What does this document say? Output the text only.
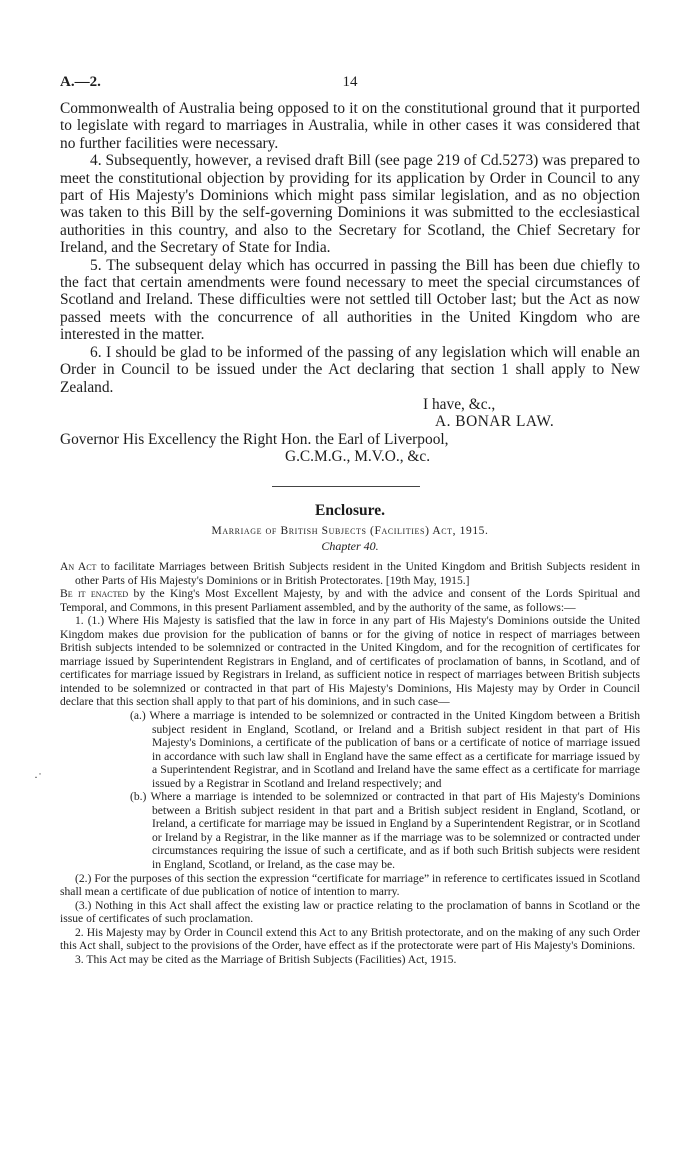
A.—2.	14

Commonwealth of Australia being opposed to it on the constitutional ground that it purported to legislate with regard to marriages in Australia, while in other cases it was considered that no further facilities were necessary.

4. Subsequently, however, a revised draft Bill (see page 219 of Cd.5273) was prepared to meet the constitutional objection by providing for its application by Order in Council to any part of His Majesty's Dominions which might pass similar legislation, and as no objection was taken to this Bill by the self-governing Dominions it was submitted to the ecclesiastical authorities in this country, and also to the Secretary for Scotland, the Chief Secretary for Ireland, and the Secretary of State for India.

5. The subsequent delay which has occurred in passing the Bill has been due chiefly to the fact that certain amendments were found necessary to meet the special circumstances of Scotland and Ireland. These difficulties were not settled till October last; but the Act as now passed meets with the concurrence of all authorities in the United Kingdom who are interested in the matter.

6. I should be glad to be informed of the passing of any legislation which will enable an Order in Council to be issued under the Act declaring that section 1 shall apply to New Zealand.

I have, &c.,

A. BONAR LAW.

Governor His Excellency the Right Hon. the Earl of Liverpool,

G.C.M.G., M.V.O., &c.

Enclosure.

Marriage of British Subjects (Facilities) Act, 1915.

Chapter 40.

·˙

An Act to facilitate Marriages between British Subjects resident in the United Kingdom and British Subjects resident in other Parts of His Majesty's Dominions or in British Protectorates. [19th May, 1915.]

Be it enacted by the King's Most Excellent Majesty, by and with the advice and consent of the Lords Spiritual and Temporal, and Commons, in this present Parliament assembled, and by the authority of the same, as follows:—

1. (1.) Where His Majesty is satisfied that the law in force in any part of His Majesty's Dominions outside the United Kingdom makes due provision for the publication of banns or for the giving of notice in respect of marriages between British subjects intended to be solemnized or contracted in the United Kingdom, and for the recognition of certificates for marriage issued by Superintendent Registrars in England, and of certificates of proclamation of banns, in Scotland, and of certificates for marriage issued by Registrars in Ireland, as sufficient notice in respect of marriages between British subjects intended to be solemnized or contracted in that part of His Majesty's Dominions, His Majesty may by Order in Council declare that this section shall apply to that part of his dominions, and in such case—

(a.) Where a marriage is intended to be solemnized or contracted in the United Kingdom between a British subject resident in England, Scotland, or Ireland and a British subject resident in that part of His Majesty's Dominions, a certificate of the publication of bans or a certificate of notice of marriage issued in accordance with such law shall in England have the same effect as a certificate for marriage issued by a Superintendent Registrar, and in Scotland and Ireland have the same effect as a certificate for marriage issued by a Registrar in Scotland and Ireland respectively; and

(b.) Where a marriage is intended to be solemnized or contracted in that part of His Majesty's Dominions between a British subject resident in that part and a British subject resident in England, Scotland, or Ireland, a certificate for marriage may be issued in England by a Superintendent Registrar, or in Scotland or Ireland by a Registrar, in the like manner as if the marriage was to be solemnized or contracted under circumstances requiring the issue of such a certificate, and as if both such British subjects were resident in England, Scotland, or Ireland, as the case may be.

(2.) For the purposes of this section the expression “certificate for marriage” in reference to certificates issued in Scotland shall mean a certificate of due publication of notice of intention to marry.

(3.) Nothing in this Act shall affect the existing law or practice relating to the proclamation of banns in Scotland or the issue of certificates of such proclamation.

2. His Majesty may by Order in Council extend this Act to any British protectorate, and on the making of any such Order this Act shall, subject to the provisions of the Order, have effect as if the protectorate were part of His Majesty's Dominions.

3. This Act may be cited as the Marriage of British Subjects (Facilities) Act, 1915.
